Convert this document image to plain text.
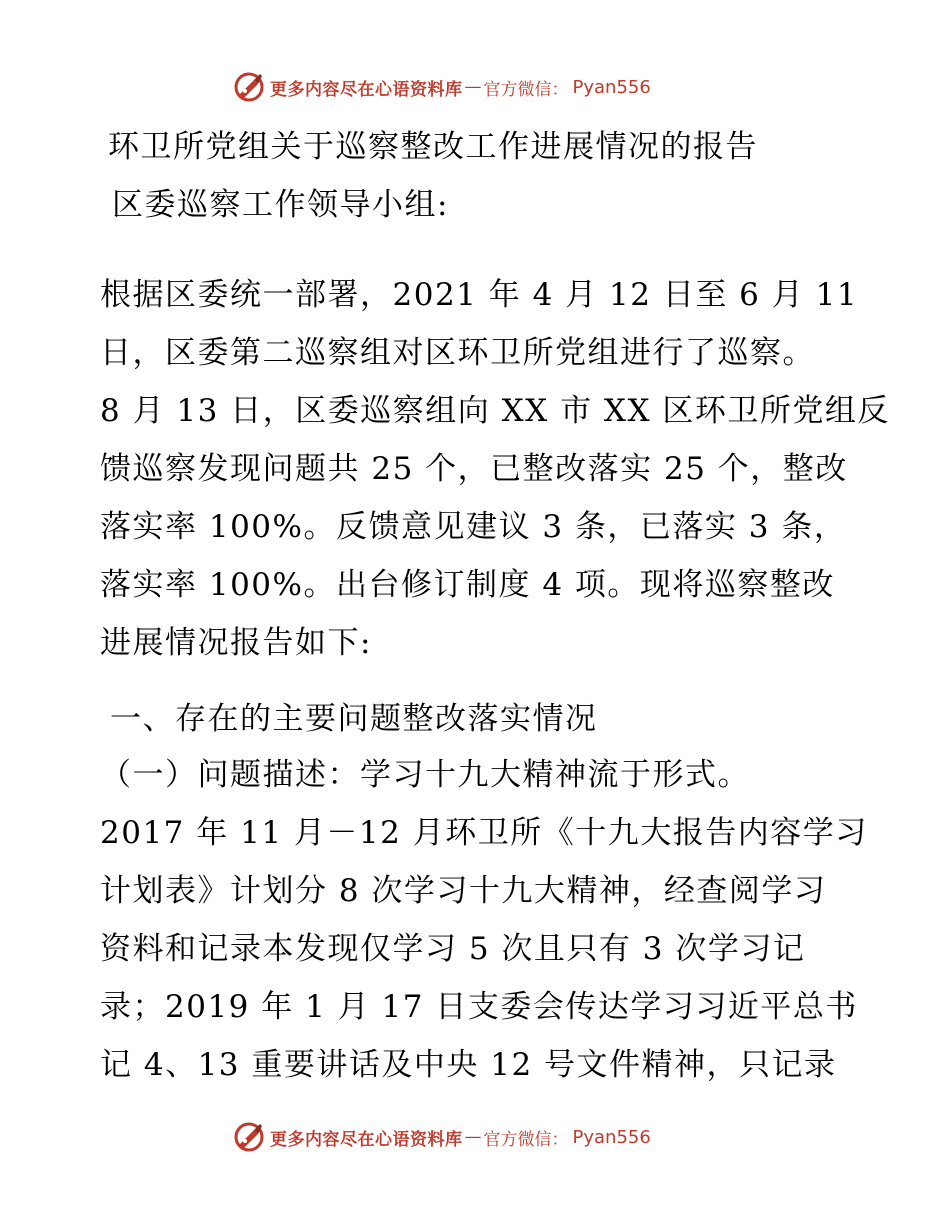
更多内容尽在心语资料库 — 官方微信： Pyan556
环卫所党组关于巡察整改工作进展情况的报告
区委巡察工作领导小组:
根据区委统一部署，2021 年 4 月 12 日至 6 月 11
日，区委第二巡察组对区环卫所党组进行了巡察。
8 月 13 日，区委巡察组向 XX 市 XX 区环卫所党组反
馈巡察发现问题共 25 个，已整改落实 25 个，整改
落实率 100%。反馈意见建议 3 条，已落实 3 条，
落实率 100%。出台修订制度 4 项。现将巡察整改
进展情况报告如下:
一、存在的主要问题整改落实情况
（一）问题描述：学习十九大精神流于形式。
2017 年 11 月－12 月环卫所《十九大报告内容学习
计划表》计划分 8 次学习十九大精神，经查阅学习
资料和记录本发现仅学习 5 次且只有 3 次学习记
录；2019 年 1 月 17 日支委会传达学习习近平总书
记 4、13 重要讲话及中央 12 号文件精神，只记录
更多内容尽在心语资料库 — 官方微信： Pyan556
